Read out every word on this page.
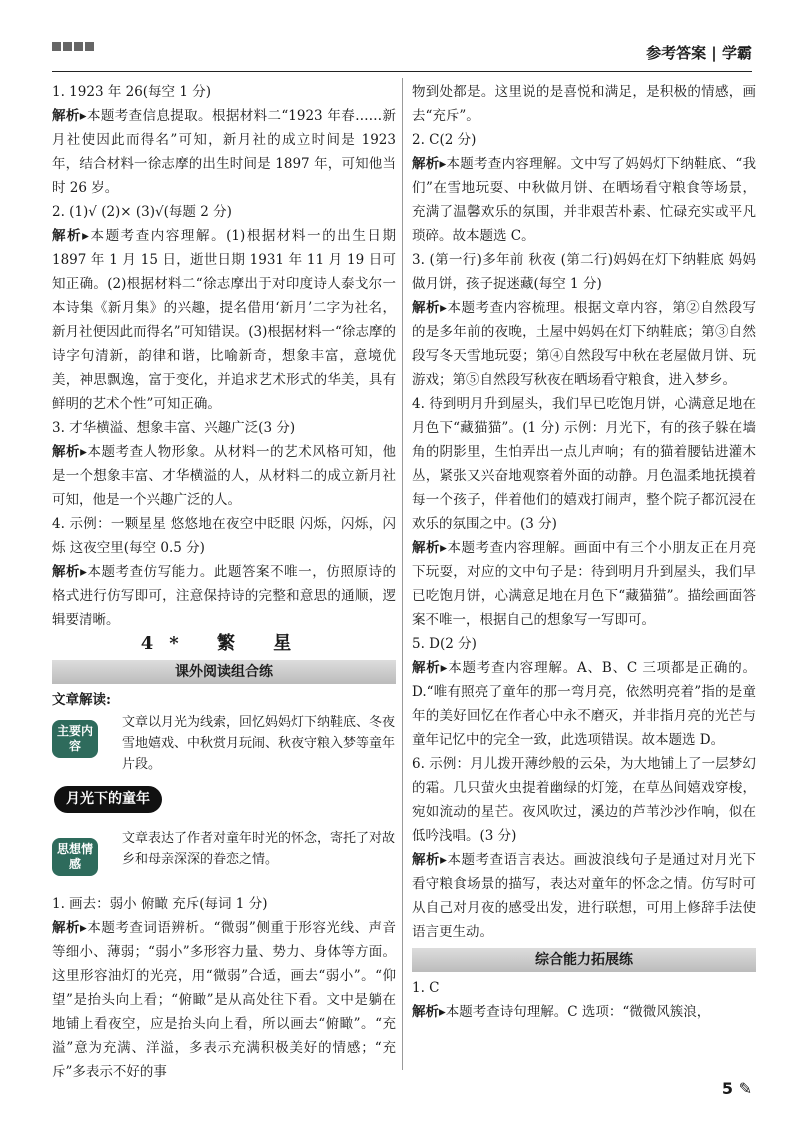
参考答案 | 学霸
1. 1923 年 26(每空 1 分)
解析▸本题考查信息提取。根据材料二“1923 年春……新月社使因此而得名”可知，新月社的成立时间是 1923 年，结合材料一徐志摩的出生时间是 1897 年，可知他当时 26 岁。
2. (1)√ (2)× (3)√(每题 2 分)
解析▸本题考查内容理解。(1)根据材料一的出生日期 1897 年 1 月 15 日，逝世日期 1931 年 11 月 19 日可知正确。(2)根据材料二“徐志摩出于对印度诗人泰戈尔一本诗集《新月集》的兴趣，提名借用‘新月’二字为社名，新月社便因此而得名”可知错误。(3)根据材料一“徐志摩的诗字句清新，韵律和谐，比喻新奇，想象丰富，意境优美，神思飘逸，富于变化，并追求艺术形式的华美，具有鲜明的艺术个性”可知正确。
3. 才华横溢、想象丰富、兴趣广泛(3 分)
解析▸本题考查人物形象。从材料一的艺术风格可知，他是一个想象丰富、才华横溢的人，从材料二的成立新月社可知，他是一个兴趣广泛的人。
4. 示例：一颗星星 悠悠地在夜空中眨眼 闪烁，闪烁，闪烁 这夜空里(每空 0.5 分)
解析▸本题考查仿写能力。此题答案不唯一，仿照原诗的格式进行仿写即可，注意保持诗的完整和意思的通顺，逻辑要清晰。
4* 繁 星
课外阅读组合练
文章解读:
主要内容
文章以月光为线索，回忆妈妈灯下纳鞋底、冬夜雪地嬉戏、中秋赏月玩闹、秋夜守粮入梦等童年片段。
月光下的童年
思想情感
文章表达了作者对童年时光的怀念，寄托了对故乡和母亲深深的眷恋之情。
1. 画去：弱小 俯瞰 充斥(每词 1 分)
解析▸本题考查词语辨析。“微弱”侧重于形容光线、声音等细小、薄弱；“弱小”多形容力量、势力、身体等方面。这里形容油灯的光亮，用“微弱”合适，画去“弱小”。“仰望”是抬头向上看；“俯瞰”是从高处往下看。文中是躺在地铺上看夜空，应是抬头向上看，所以画去“俯瞰”。“充溢”意为充满、洋溢，多表示充满积极美好的情感；“充斥”多表示不好的事
物到处都是。这里说的是喜悦和满足，是积极的情感，画去“充斥”。
2. C(2 分)
解析▸本题考查内容理解。文中写了妈妈灯下纳鞋底、“我们”在雪地玩耍、中秋做月饼、在晒场看守粮食等场景，充满了温馨欢乐的氛围，并非艰苦朴素、忙碌充实或平凡琐碎。故本题选 C。
3. (第一行)多年前 秋夜 (第二行)妈妈在灯下纳鞋底 妈妈做月饼，孩子捉迷藏(每空 1 分)
解析▸本题考查内容梳理。根据文章内容，第②自然段写的是多年前的夜晚，土屋中妈妈在灯下纳鞋底；第③自然段写冬天雪地玩耍；第④自然段写中秋在老屋做月饼、玩游戏；第⑤自然段写秋夜在晒场看守粮食，进入梦乡。
4. 待到明月升到屋头，我们早已吃饱月饼，心满意足地在月色下“藏猫猫”。(1 分) 示例：月光下，有的孩子躲在墙角的阴影里，生怕弄出一点儿声响；有的猫着腰钻进灌木丛，紧张又兴奋地观察着外面的动静。月色温柔地抚摸着每一个孩子，伴着他们的嬉戏打闹声，整个院子都沉浸在欢乐的氛围之中。(3 分)
解析▸本题考查内容理解。画面中有三个小朋友正在月亮下玩耍，对应的文中句子是：待到明月升到屋头，我们早已吃饱月饼，心满意足地在月色下“藏猫猫”。描绘画面答案不唯一，根据自己的想象写一写即可。
5. D(2 分)
解析▸本题考查内容理解。A、B、C 三项都是正确的。D.“唯有照亮了童年的那一弯月亮，依然明亮着”指的是童年的美好回忆在作者心中永不磨灭，并非指月亮的光芒与童年记忆中的完全一致，此选项错误。故本题选 D。
6. 示例：月儿拨开薄纱般的云朵，为大地铺上了一层梦幻的霜。几只萤火虫提着幽绿的灯笼，在草丛间嬉戏穿梭，宛如流动的星芒。夜风吹过，溪边的芦苇沙沙作响，似在低吟浅唱。(3 分)
解析▸本题考查语言表达。画波浪线句子是通过对月光下看守粮食场景的描写，表达对童年的怀念之情。仿写时可从自己对月夜的感受出发，进行联想，可用上修辞手法使语言更生动。
综合能力拓展练
1. C
解析▸本题考查诗句理解。C 选项：“微微风簇浪，
5 ✎
